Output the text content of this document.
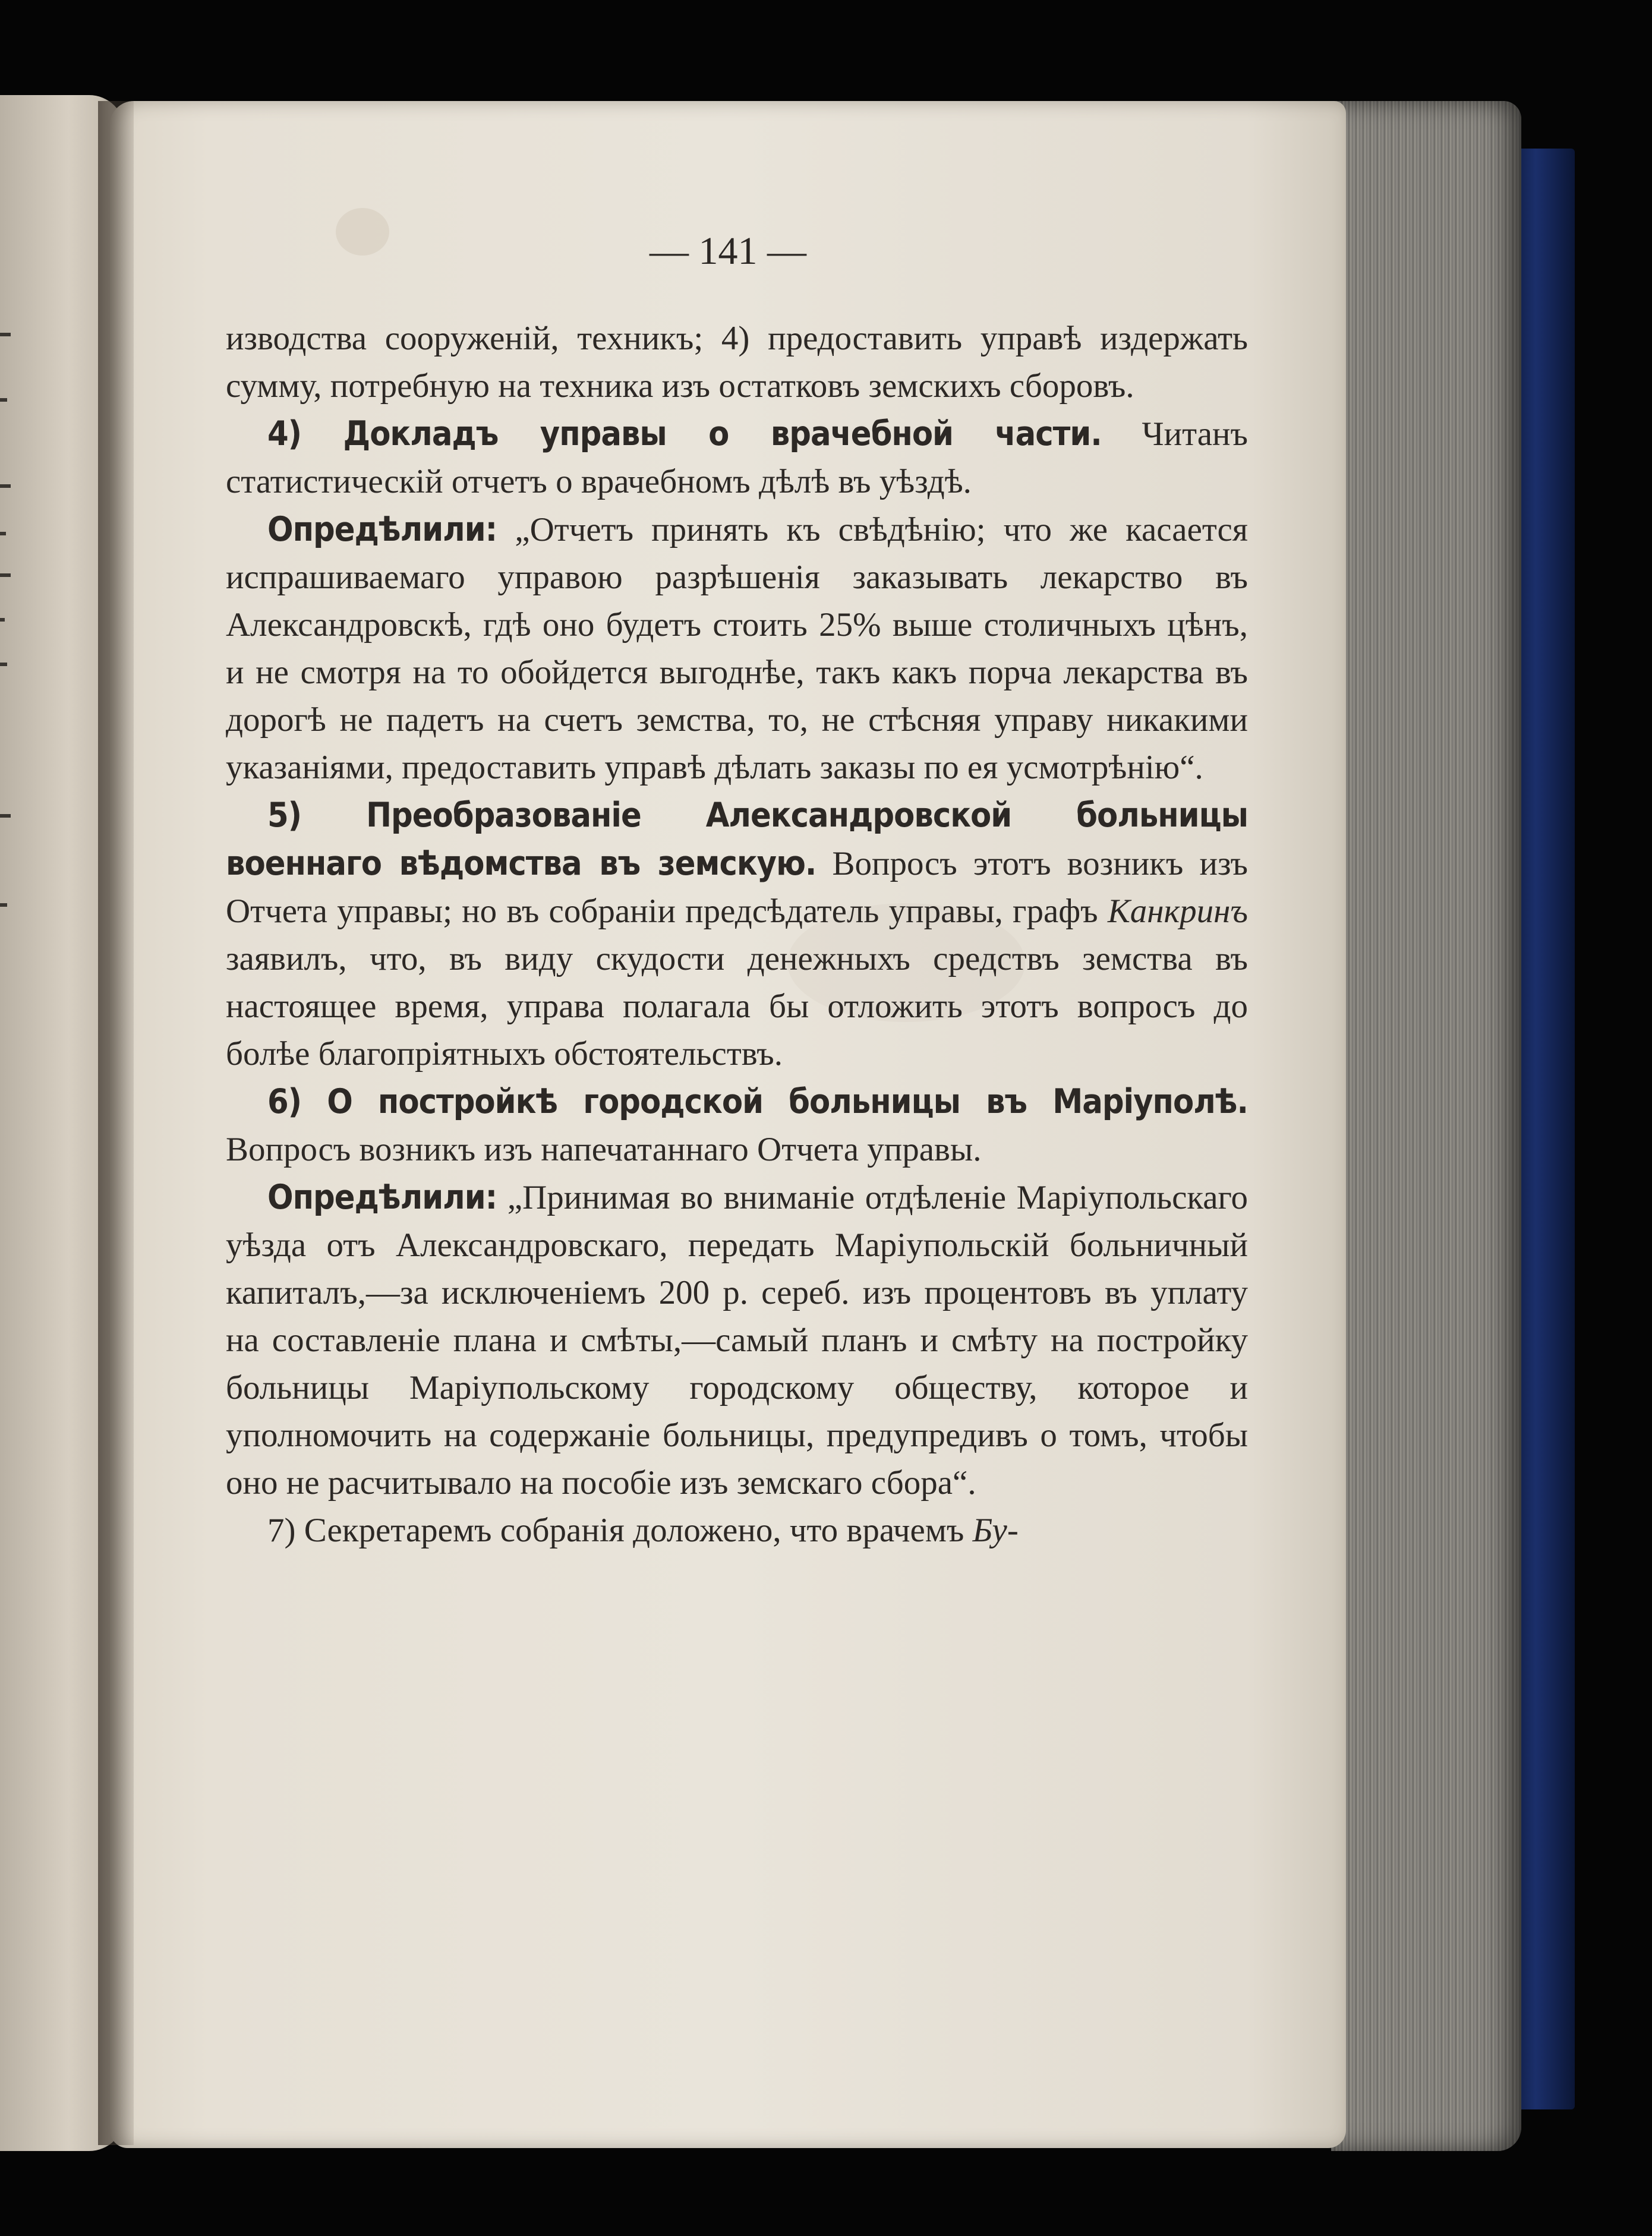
— 141 —

изводства сооруженій, техникъ; 4) предоставить управѣ издержать сумму, потребную на техника изъ остатковъ земскихъ сборовъ.

4) Докладъ управы о врачебной части. Читанъ статистическій отчетъ о врачебномъ дѣлѣ въ уѣздѣ.

Опредѣлили: „Отчетъ принять къ свѣдѣнію; что же касается испрашиваемаго управою разрѣшенія заказывать лекарство въ Александровскѣ, гдѣ оно будетъ стоить 25% выше столичныхъ цѣнъ, и не смотря на то обойдется выгоднѣе, такъ какъ порча лекарства въ дорогѣ не падетъ на счетъ земства, то, не стѣсняя управу никакими указаніями, предоставить управѣ дѣлать заказы по ея усмотрѣнію“.

5) Преобразованіе Александровской больницы военнаго вѣдомства въ земскую. Вопросъ этотъ возникъ изъ Отчета управы; но въ собраніи предсѣдатель управы, графъ Канкринъ заявилъ, что, въ виду скудости денежныхъ средствъ земства въ настоящее время, управа полагала бы отложить этотъ вопросъ до болѣе благопріятныхъ обстоятельствъ.

6) О постройкѣ городской больницы въ Маріуполѣ. Вопросъ возникъ изъ напечатаннаго Отчета управы.

Опредѣлили: „Принимая во вниманіе отдѣленіе Маріупольскаго уѣзда отъ Александровскаго, передать Маріупольскій больничный капиталъ,—за исключеніемъ 200 р. сереб. изъ процентовъ въ уплату на составленіе плана и смѣты,—самый планъ и смѣту на постройку больницы Маріупольскому городскому обществу, которое и уполномочить на содержаніе больницы, предупредивъ о томъ, чтобы оно не расчитывало на пособіе изъ земскаго сбора“.

7) Секретаремъ собранія доложено, что врачемъ Бу-
